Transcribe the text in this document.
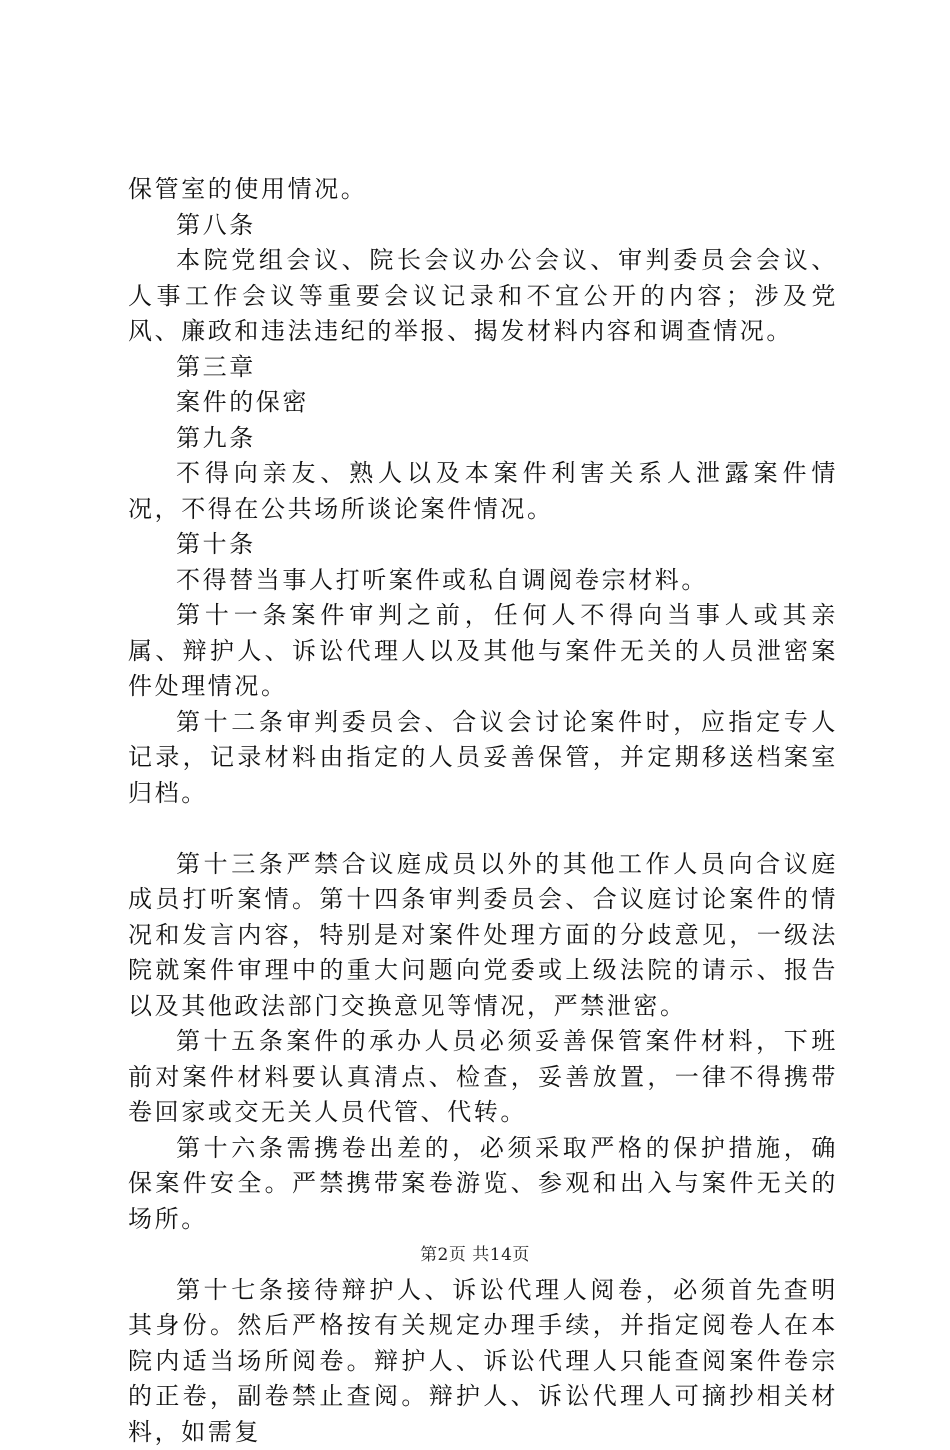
保管室的使用情况。

第八条

本院党组会议、院长会议办公会议、审判委员会会议、人事工作会议等重要会议记录和不宜公开的内容；涉及党风、廉政和违法违纪的举报、揭发材料内容和调查情况。

第三章

案件的保密

第九条

不得向亲友、熟人以及本案件利害关系人泄露案件情况，不得在公共场所谈论案件情况。

第十条

不得替当事人打听案件或私自调阅卷宗材料。

第十一条案件审判之前，任何人不得向当事人或其亲属、辩护人、诉讼代理人以及其他与案件无关的人员泄密案件处理情况。

第十二条审判委员会、合议会讨论案件时，应指定专人记录，记录材料由指定的人员妥善保管，并定期移送档案室归档。

第十三条严禁合议庭成员以外的其他工作人员向合议庭成员打听案情。第十四条审判委员会、合议庭讨论案件的情况和发言内容，特别是对案件处理方面的分歧意见，一级法院就案件审理中的重大问题向党委或上级法院的请示、报告以及其他政法部门交换意见等情况，严禁泄密。

第十五条案件的承办人员必须妥善保管案件材料，下班前对案件材料要认真清点、检查，妥善放置，一律不得携带卷回家或交无关人员代管、代转。

第十六条需携卷出差的，必须采取严格的保护措施，确保案件安全。严禁携带案卷游览、参观和出入与案件无关的场所。

第十七条接待辩护人、诉讼代理人阅卷，必须首先查明其身份。然后严格按有关规定办理手续，并指定阅卷人在本院内适当场所阅卷。辩护人、诉讼代理人只能查阅案件卷宗的正卷，副卷禁止查阅。辩护人、诉讼代理人可摘抄相关材料，如需复

第2页 共14页
